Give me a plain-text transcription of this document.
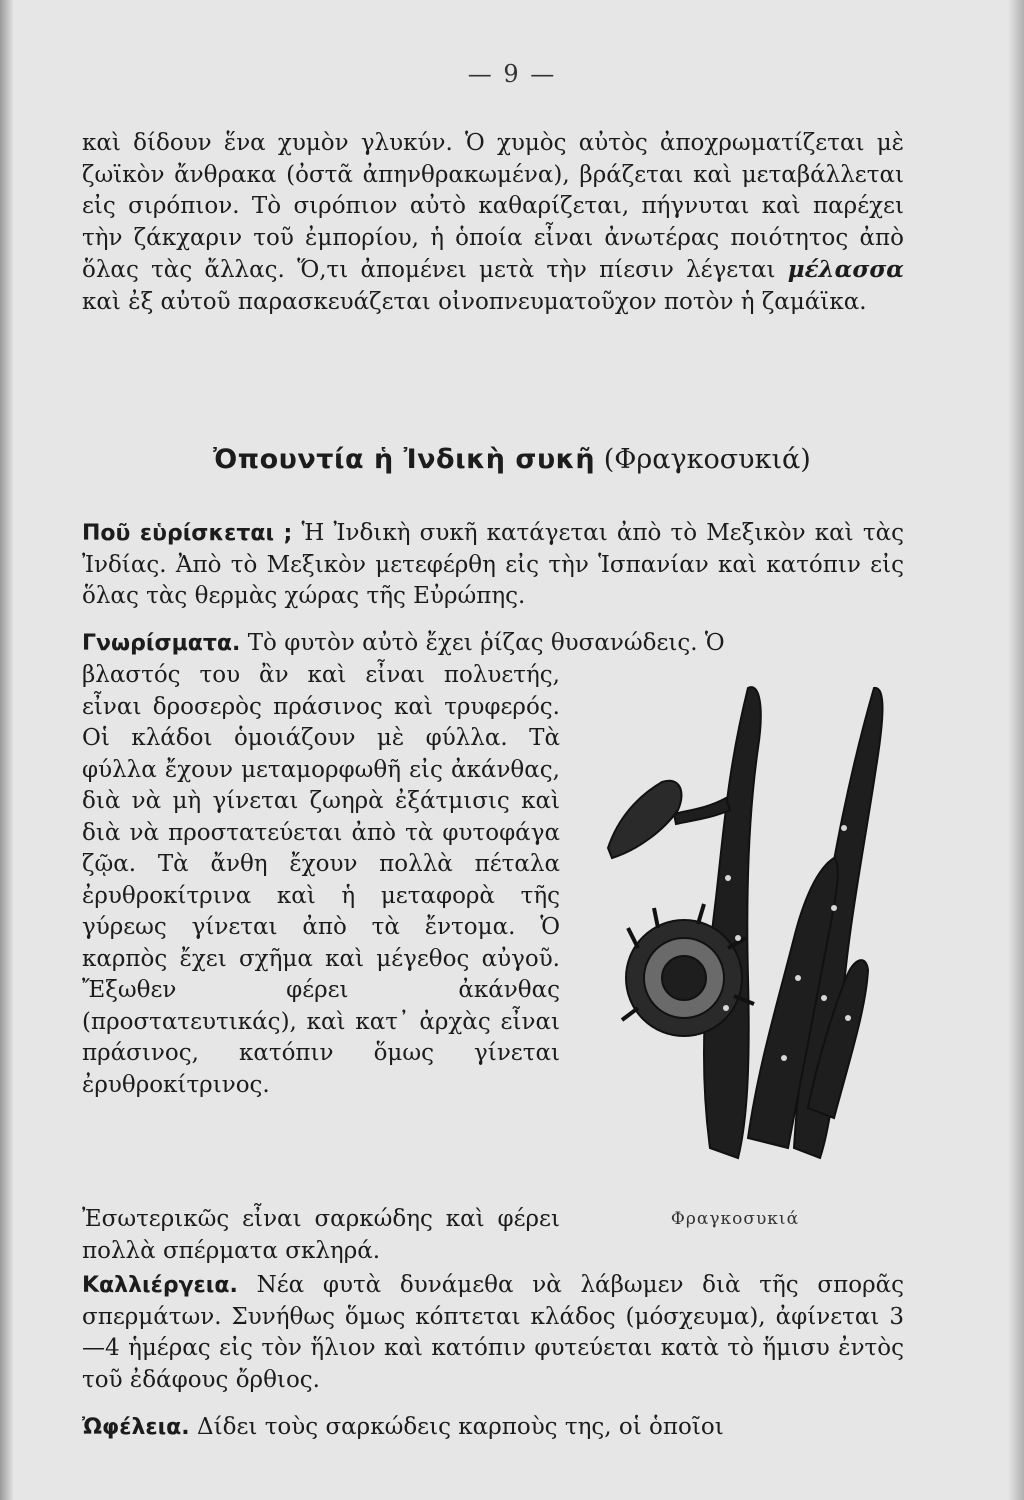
— 9 —

καὶ δίδουν ἕνα χυμὸν γλυκύν. Ὁ χυμὸς αὐτὸς ἀποχρωματίζεται μὲ ζωϊκὸν ἄνθρακα (ὀστᾶ ἀπηνθρακωμένα), βράζεται καὶ μεταβάλλεται εἰς σιρόπιον. Τὸ σιρόπιον αὐτὸ καθαρίζεται, πήγνυται καὶ παρέχει τὴν ζάκχαριν τοῦ ἐμπορίου, ἡ ὁποία εἶναι ἀνωτέρας ποιότητος ἀπὸ ὅλας τὰς ἄλλας. Ὅ,τι ἀπομένει μετὰ τὴν πίεσιν λέγεται μέλασσα καὶ ἐξ αὐτοῦ παρασκευάζεται οἰνοπνευματοῦχον ποτὸν ἡ ζαμάϊκα.

Ὀπουντία ἡ Ἰνδικὴ συκῆ (Φραγκοσυκιά)

Ποῦ εὑρίσκεται ; Ἡ Ἰνδικὴ συκῆ κατάγεται ἀπὸ τὸ Μεξικὸν καὶ τὰς Ἰνδίας. Ἀπὸ τὸ Μεξικὸν μετεφέρθη εἰς τὴν Ἱσπανίαν καὶ κατόπιν εἰς ὅλας τὰς θερμὰς χώρας τῆς Εὐρώπης.

Γνωρίσματα. Τὸ φυτὸν αὐτὸ ἔχει ῥίζας θυσανώδεις. Ὁ

βλαστός του ἂν καὶ εἶναι πολυετής, εἶναι δροσερὸς πράσινος καὶ τρυφερός. Οἱ κλάδοι ὁμοιάζουν μὲ φύλλα. Τὰ φύλλα ἔχουν μεταμορφωθῆ εἰς ἀκάνθας, διὰ νὰ μὴ γίνεται ζωηρὰ ἐξάτμισις καὶ διὰ νὰ προστατεύεται ἀπὸ τὰ φυτοφάγα ζῷα. Τὰ ἄνθη ἔχουν πολλὰ πέταλα ἐρυθροκίτρινα καὶ ἡ μεταφορὰ τῆς γύρεως γίνεται ἀπὸ τὰ ἔντομα. Ὁ καρπὸς ἔχει σχῆμα καὶ μέγεθος αὐγοῦ. Ἔξωθεν φέρει ἀκάνθας (προστατευτικάς), καὶ κατ᾿ ἀρχὰς εἶναι πράσινος, κατόπιν ὅμως γίνεται ἐρυθροκίτρινος.

Ἐσωτερικῶς εἶναι σαρκώδης καὶ φέρει πολλὰ σπέρματα σκληρά.

Φραγκοσυκιά

Καλλιέργεια. Νέα φυτὰ δυνάμεθα νὰ λάβωμεν διὰ τῆς σπορᾶς σπερμάτων. Συνήθως ὅμως κόπτεται κλάδος (μόσχευμα), ἀφίνεται 3—4 ἡμέρας εἰς τὸν ἥλιον καὶ κατόπιν φυτεύεται κατὰ τὸ ἥμισυ ἐντὸς τοῦ ἐδάφους ὄρθιος.

Ὠφέλεια. Δίδει τοὺς σαρκώδεις καρποὺς της, οἱ ὁποῖοι
